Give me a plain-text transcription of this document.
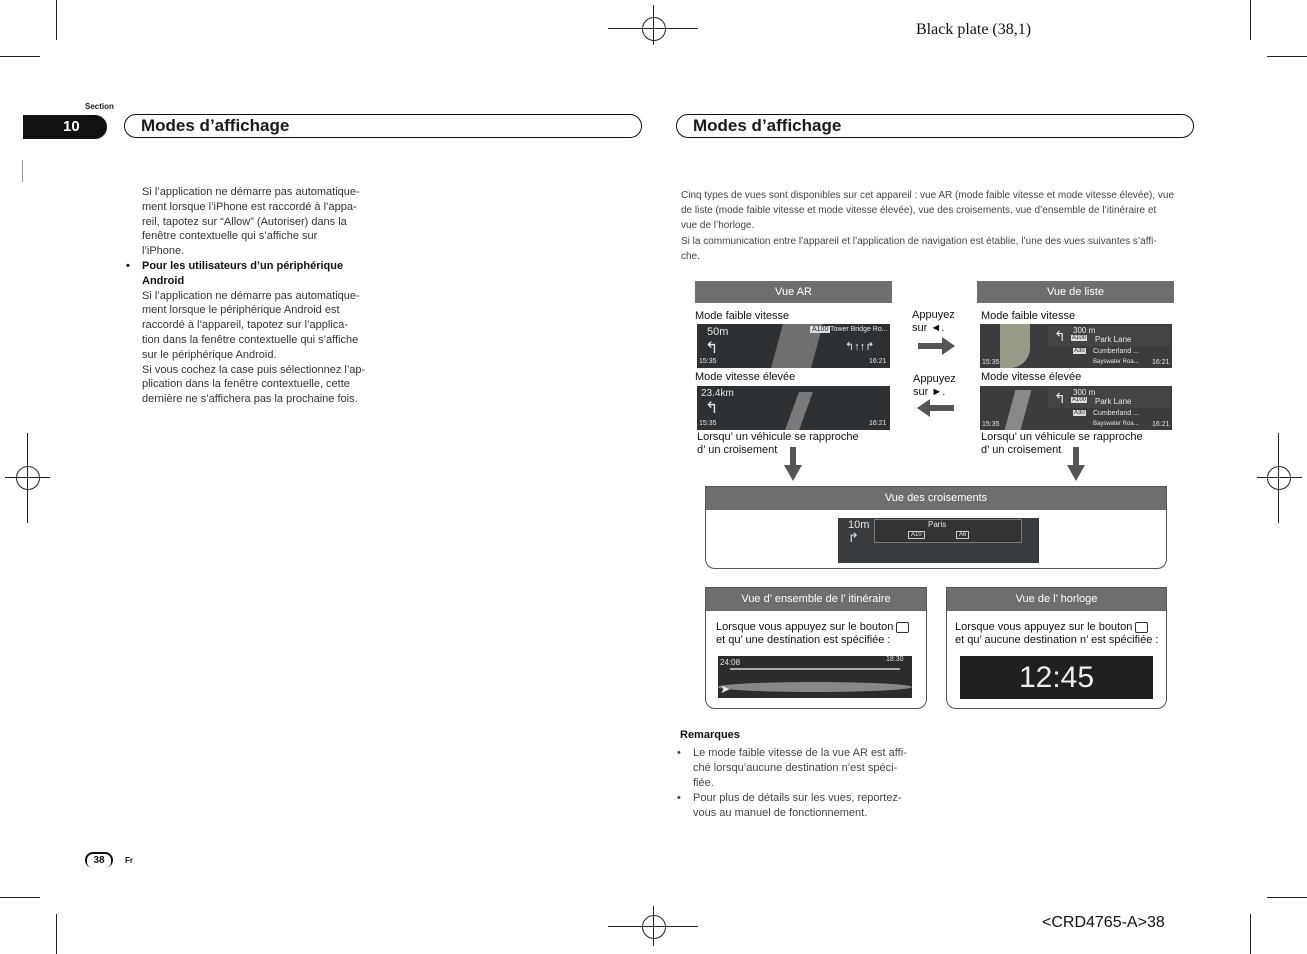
Black plate (38,1)
Section
10	Modes d’affichage	Modes d’affichage
Si l’application ne démarre pas automatique-
ment lorsque l’iPhone est raccordé à l’appa-
reil, tapotez sur “Allow” (Autoriser) dans la
fenêtre contextuelle qui s’affiche sur
l’iPhone.
• Pour les utilisateurs d’un périphérique
Android
Si l’application ne démarre pas automatique-
ment lorsque le périphérique Android est
raccordé à l’appareil, tapotez sur l’applica-
tion dans la fenêtre contextuelle qui s’affiche
sur le périphérique Android.
Si vous cochez la case puis sélectionnez l’ap-
plication dans la fenêtre contextuelle, cette
dernière ne s’affichera pas la prochaine fois.
Cinq types de vues sont disponibles sur cet appareil : vue AR (mode faible vitesse et mode vitesse élevée), vue
de liste (mode faible vitesse et mode vitesse élevée), vue des croisements, vue d’ensemble de l’itinéraire et
vue de l’horloge.
Si la communication entre l’appareil et l’application de navigation est établie, l’une des vues suivantes s’affi-
che.
Vue AR
Mode faible vitesse
50m
↰
A100 Tower Bridge Ro...
↰↑↑↱
15:35	16:21
Mode vitesse élevée
23.4km
↰
15:35	16:21
Lorsqu’ un véhicule se rapproche
d’ un croisement
Appuyez
sur ◄.
Appuyez
sur ►.
Vue de liste
Mode faible vitesse
↰ 300 m
A100 Park Lane
A30 Cumberland ...
Bayswater Roa...
15:35	16:21
Mode vitesse élevée
↰ 300 m
A100 Park Lane
A30 Cumberland ...
Bayswater Roa...
15:35	16:21
Lorsqu’ un véhicule se rapproche
d’ un croisement
Vue des croisements
Paris
A10	A6
10m
↱
Vue d’ ensemble de l’ itinéraire
Lorsque vous appuyez sur le bouton
et qu’ une destination est spécifiée :
24:08	18:30
➤
Vue de l’ horloge
Lorsque vous appuyez sur le bouton
et qu’ aucune destination n’ est spécifiée :
12:45
Remarques
• Le mode faible vitesse de la vue AR est affi-
ché lorsqu’aucune destination n’est spéci-
fiée.
• Pour plus de détails sur les vues, reportez-
vous au manuel de fonctionnement.
38	Fr
<CRD4765-A>38
